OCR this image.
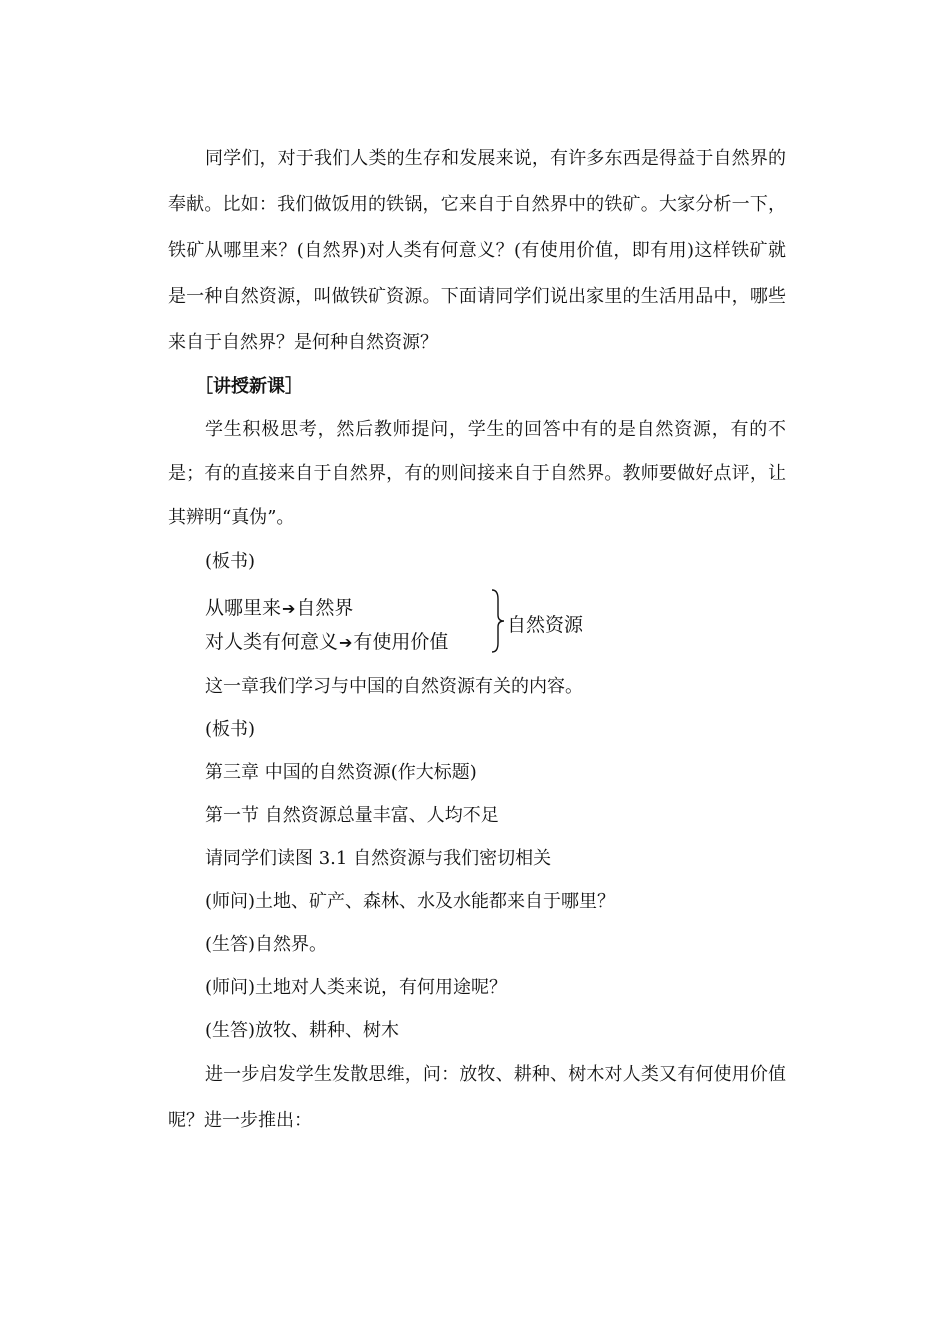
同学们，对于我们人类的生存和发展来说，有许多东西是得益于自然界的奉献。比如：我们做饭用的铁锅，它来自于自然界中的铁矿。大家分析一下，铁矿从哪里来？(自然界)对人类有何意义？(有使用价值，即有用)这样铁矿就是一种自然资源，叫做铁矿资源。下面请同学们说出家里的生活用品中，哪些来自于自然界？是何种自然资源？

［讲授新课］

学生积极思考，然后教师提问，学生的回答中有的是自然资源，有的不是；有的直接来自于自然界，有的则间接来自于自然界。教师要做好点评，让其辨明“真伪”。

(板书)

从哪里来➔自然界
对人类有何意义➔有使用价值
自然资源

这一章我们学习与中国的自然资源有关的内容。

(板书)

第三章 中国的自然资源(作大标题)

第一节 自然资源总量丰富、人均不足

请同学们读图 3.1 自然资源与我们密切相关

(师问)土地、矿产、森林、水及水能都来自于哪里？

(生答)自然界。

(师问)土地对人类来说，有何用途呢？

(生答)放牧、耕种、树木

进一步启发学生发散思维，问：放牧、耕种、树木对人类又有何使用价值呢？进一步推出：
